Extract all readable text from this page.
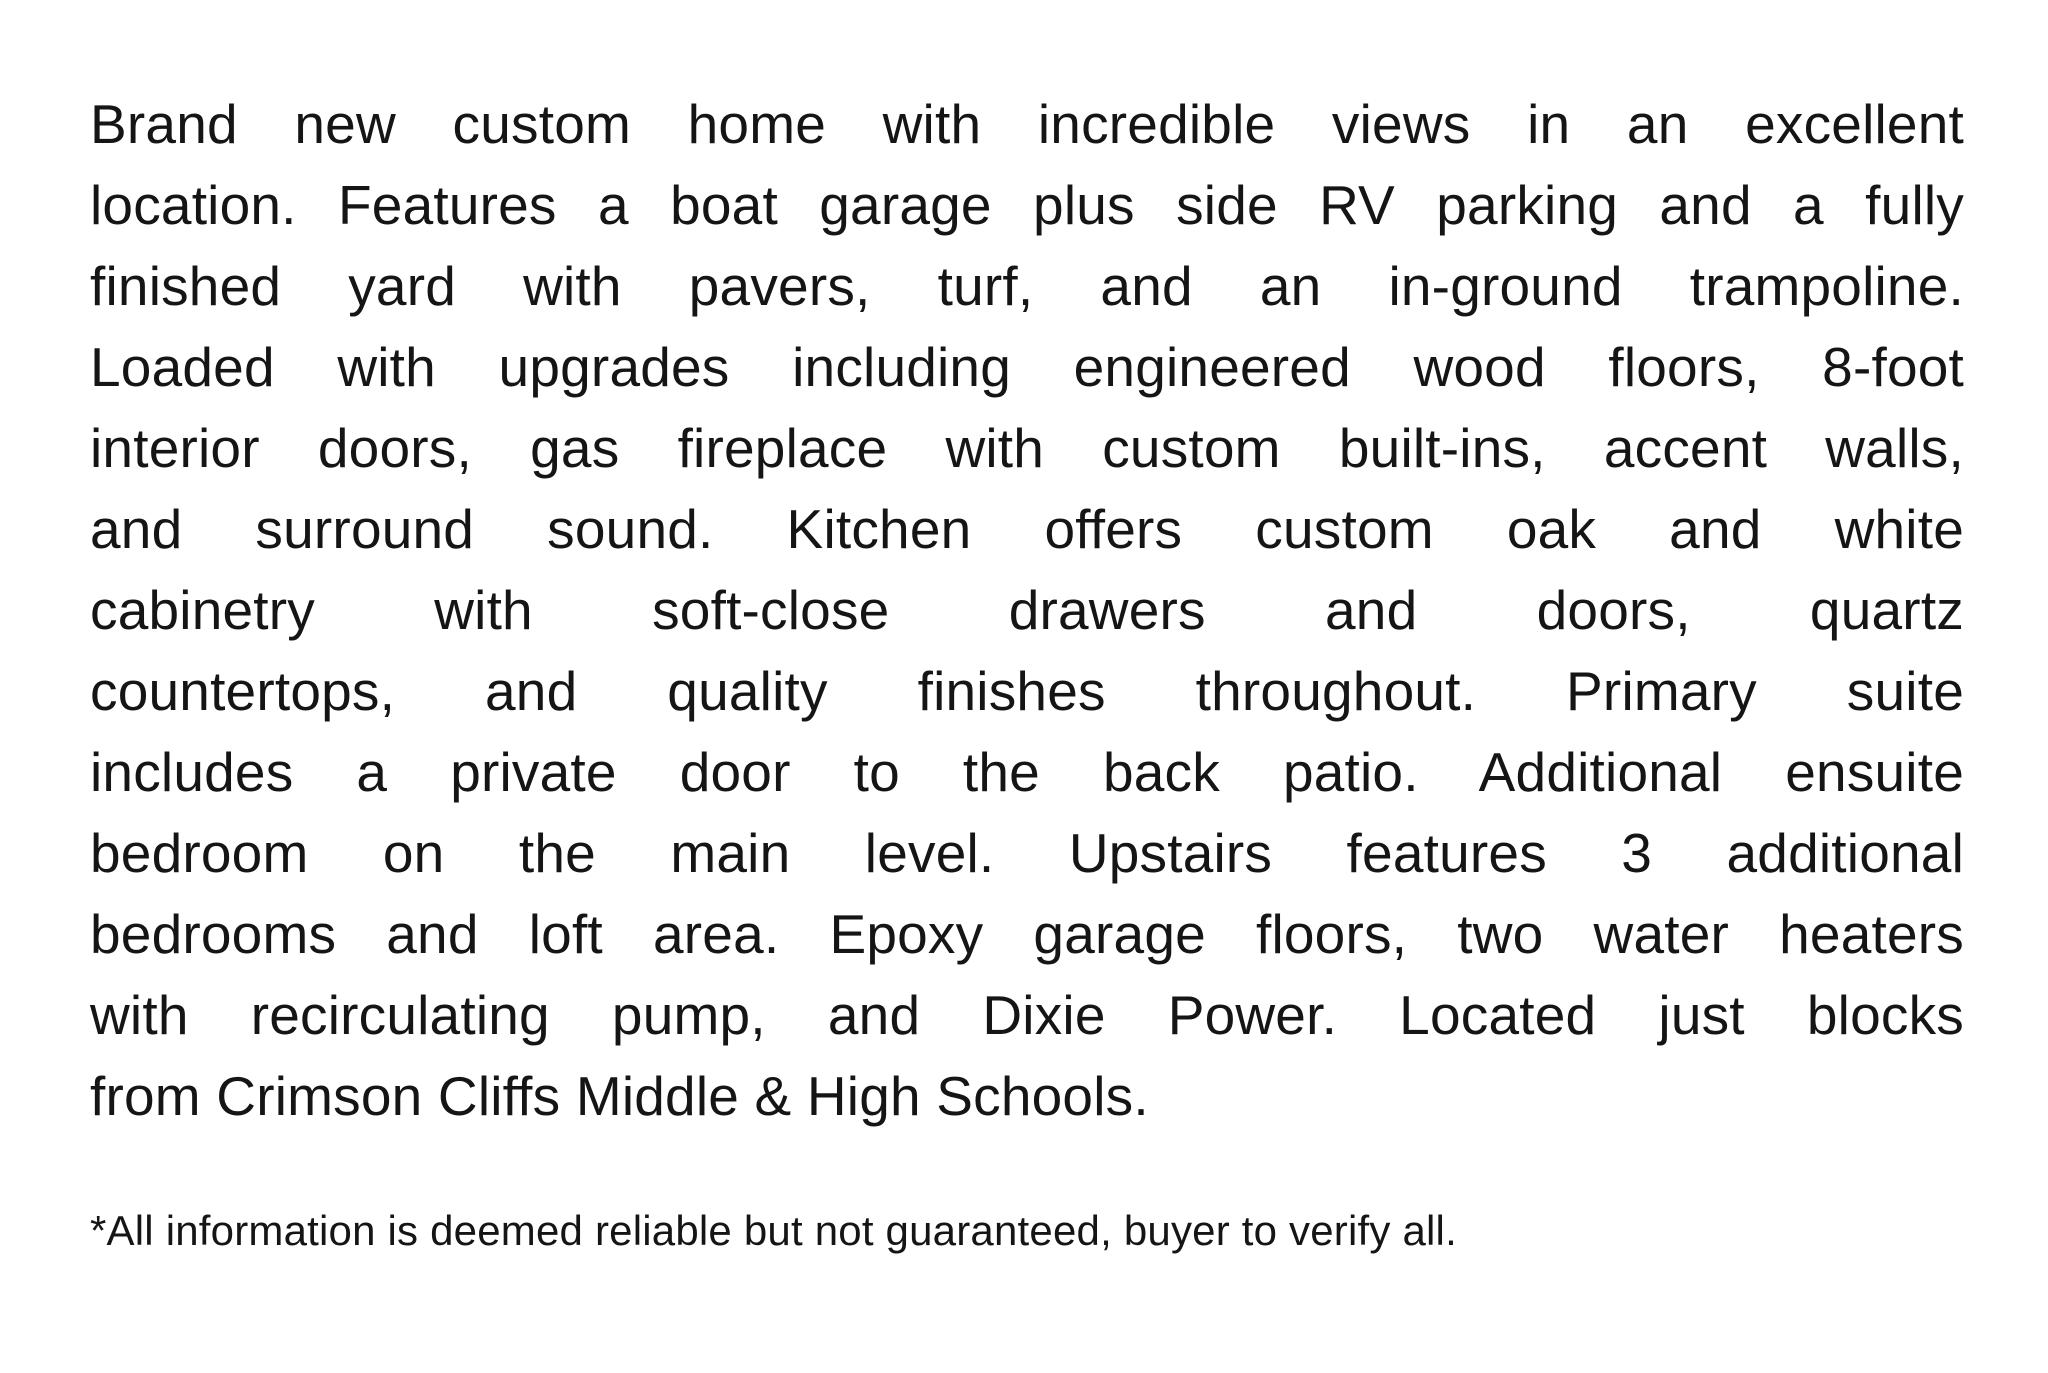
Brand new custom home with incredible views in an excellent
location. Features a boat garage plus side RV parking and a fully
finished yard with pavers, turf, and an in-ground trampoline.
Loaded with upgrades including engineered wood floors, 8-foot
interior doors, gas fireplace with custom built-ins, accent walls,
and surround sound. Kitchen offers custom oak and white
cabinetry with soft-close drawers and doors, quartz
countertops, and quality finishes throughout. Primary suite
includes a private door to the back patio. Additional ensuite
bedroom on the main level. Upstairs features 3 additional
bedrooms and loft area. Epoxy garage floors, two water heaters
with recirculating pump, and Dixie Power. Located just blocks
from Crimson Cliffs Middle & High Schools.
*All information is deemed reliable but not guaranteed, buyer to verify all.
